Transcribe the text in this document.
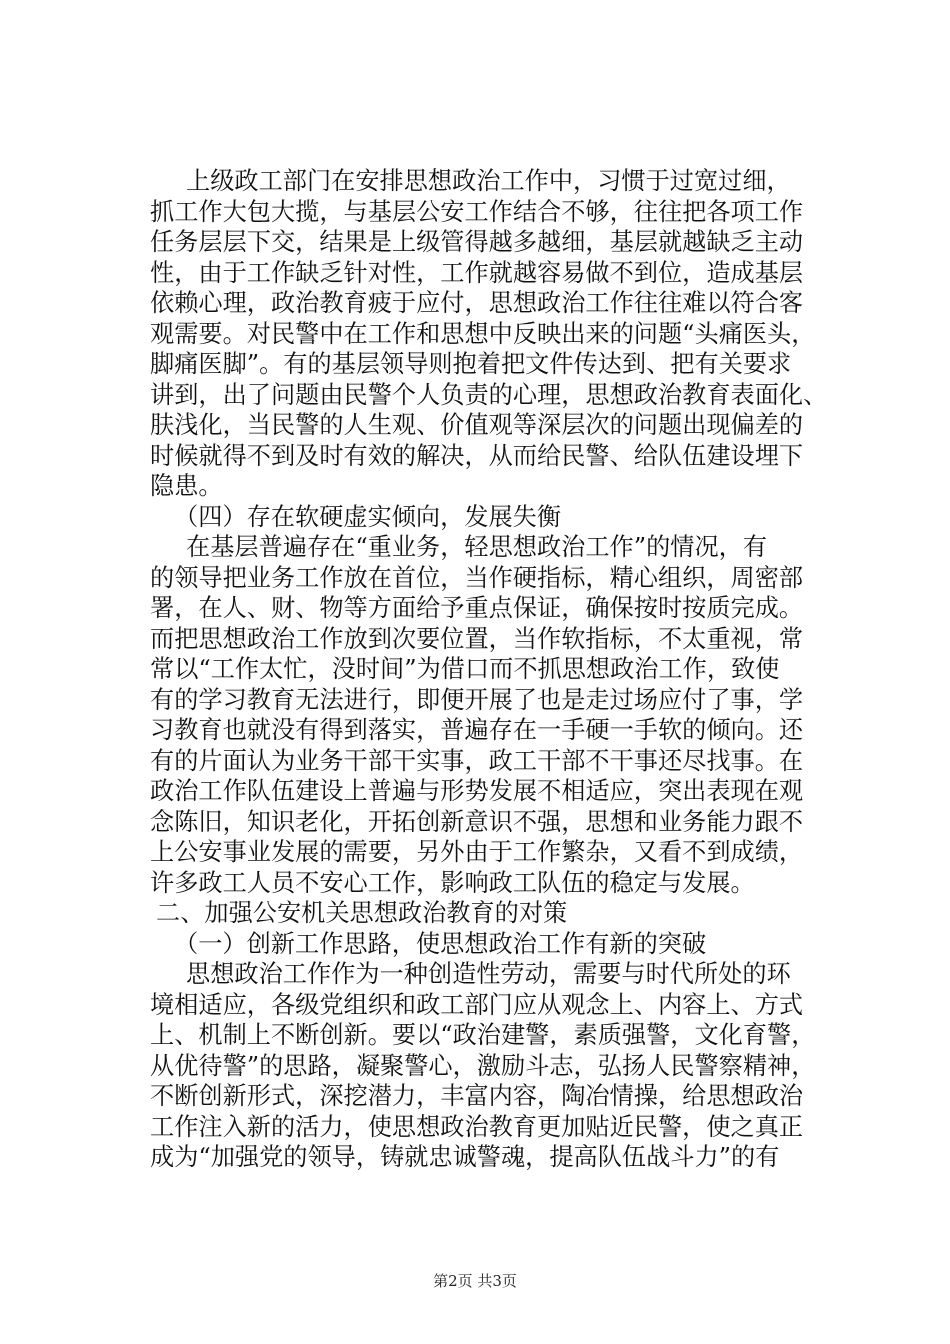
上级政工部门在安排思想政治工作中，习惯于过宽过细，
抓工作大包大揽，与基层公安工作结合不够，往往把各项工作
任务层层下交，结果是上级管得越多越细，基层就越缺乏主动
性，由于工作缺乏针对性，工作就越容易做不到位，造成基层
依赖心理，政治教育疲于应付，思想政治工作往往难以符合客
观需要。对民警中在工作和思想中反映出来的问题“头痛医头，
脚痛医脚”。有的基层领导则抱着把文件传达到、把有关要求
讲到，出了问题由民警个人负责的心理，思想政治教育表面化、
肤浅化，当民警的人生观、价值观等深层次的问题出现偏差的
时候就得不到及时有效的解决，从而给民警、给队伍建设埋下
隐患。
（四）存在软硬虚实倾向，发展失衡
在基层普遍存在“重业务，轻思想政治工作”的情况，有
的领导把业务工作放在首位，当作硬指标，精心组织，周密部
署，在人、财、物等方面给予重点保证，确保按时按质完成。
而把思想政治工作放到次要位置，当作软指标，不太重视，常
常以“工作太忙，没时间”为借口而不抓思想政治工作，致使
有的学习教育无法进行，即便开展了也是走过场应付了事，学
习教育也就没有得到落实，普遍存在一手硬一手软的倾向。还
有的片面认为业务干部干实事，政工干部不干事还尽找事。在
政治工作队伍建设上普遍与形势发展不相适应，突出表现在观
念陈旧，知识老化，开拓创新意识不强，思想和业务能力跟不
上公安事业发展的需要，另外由于工作繁杂，又看不到成绩，
许多政工人员不安心工作，影响政工队伍的稳定与发展。
二、加强公安机关思想政治教育的对策
（一）创新工作思路，使思想政治工作有新的突破
思想政治工作作为一种创造性劳动，需要与时代所处的环
境相适应，各级党组织和政工部门应从观念上、内容上、方式
上、机制上不断创新。要以“政治建警，素质强警，文化育警，
从优待警”的思路，凝聚警心，激励斗志，弘扬人民警察精神，
不断创新形式，深挖潜力，丰富内容，陶冶情操，给思想政治
工作注入新的活力，使思想政治教育更加贴近民警，使之真正
成为“加强党的领导，铸就忠诚警魂，提高队伍战斗力”的有
第2页 共3页
